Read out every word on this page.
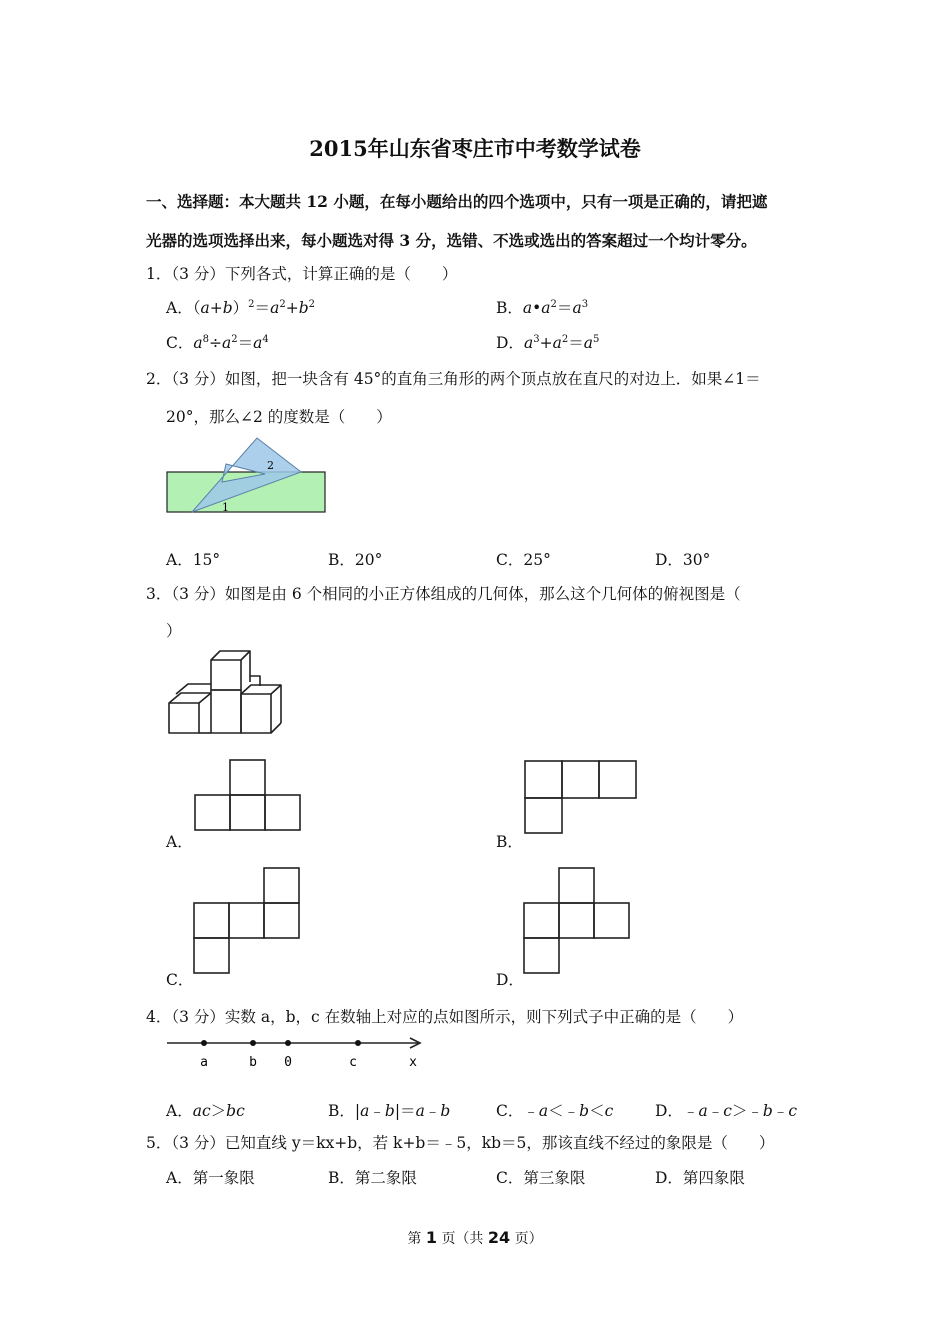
2015年山东省枣庄市中考数学试卷
一、选择题：本大题共 12 小题，在每小题给出的四个选项中，只有一项是正确的，请把遮
光器的选项选择出来，每小题选对得 3 分，选错、不选或选出的答案超过一个均计零分。
1．（3 分）下列各式，计算正确的是（　　）
A．$(a+b)^2=a^2+b^2$	B．$a•a^2=a^3$
C．$a^8\div a^2=a^4$	D．$a^3+a^2=a^5$
2．（3 分）如图，把一块含有 45°的直角三角形的两个顶点放在直尺的对边上．如果∠1＝
20°，那么∠2 的度数是（　　）
2
1
A．15°	B．20°	C．25°	D．30°
3．（3 分）如图是由 6 个相同的小正方体组成的几何体，那么这个几何体的俯视图是（
）
A．	B．
C．	D．
4．（3 分）实数 a，b，c 在数轴上对应的点如图所示，则下列式子中正确的是（　　）
a	b 0	c	x
A．ac＞bc	B．|a﹣b|＝a﹣b	C．﹣a＜﹣b＜c	D．﹣a﹣c＞﹣b﹣c
5．（3 分）已知直线 y＝kx+b，若 k+b＝﹣5，kb＝5，那该直线不经过的象限是（　　）
A．第一象限	B．第二象限	C．第三象限	D．第四象限
第 1 页（共 24 页）
